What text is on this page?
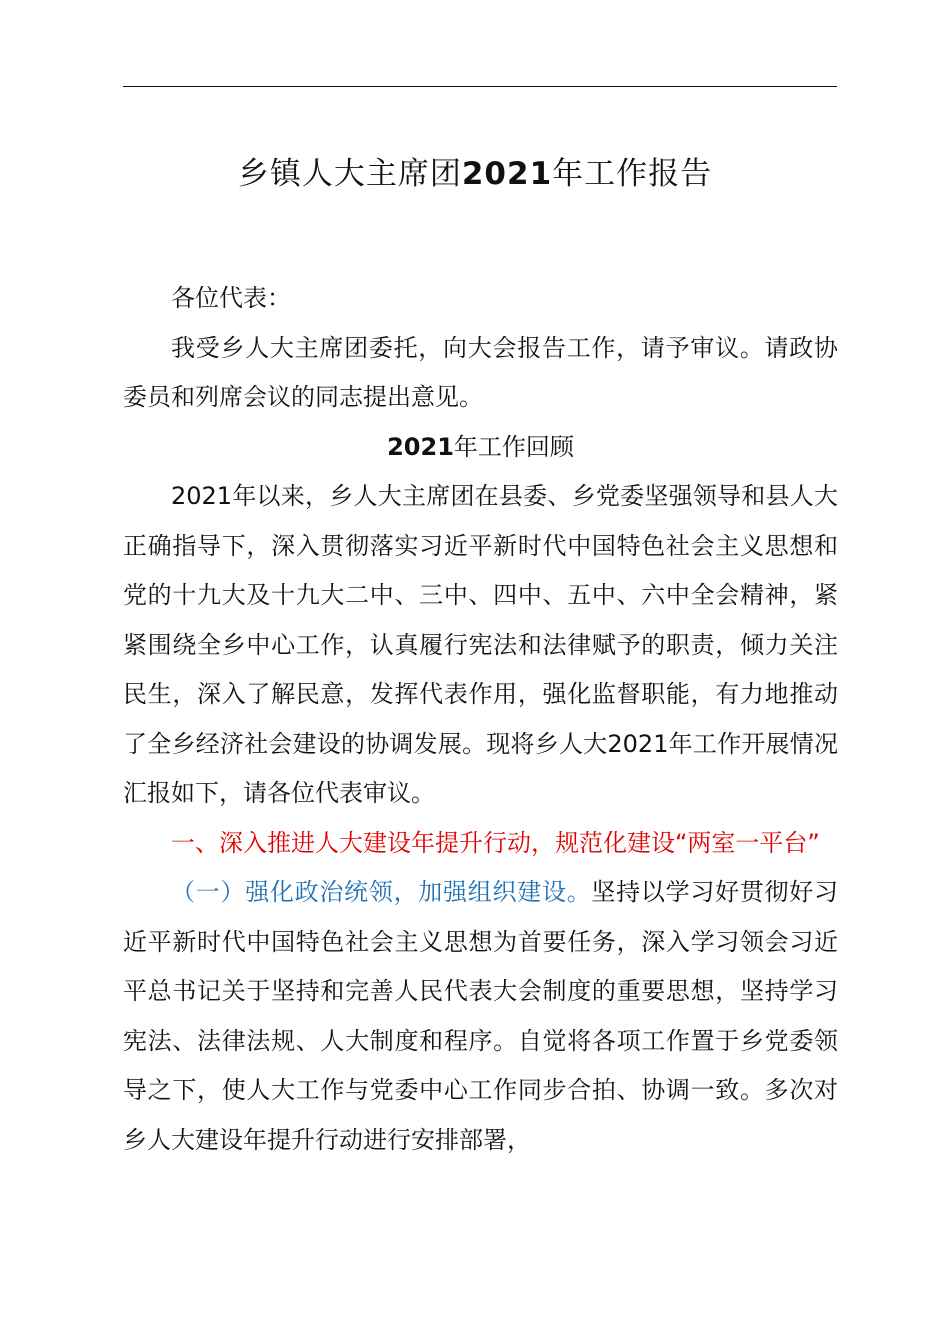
乡镇人大主席团2021年工作报告

各位代表：

我受乡人大主席团委托，向大会报告工作，请予审议。请政协委员和列席会议的同志提出意见。

2021年工作回顾

2021年以来，乡人大主席团在县委、乡党委坚强领导和县人大正确指导下，深入贯彻落实习近平新时代中国特色社会主义思想和党的十九大及十九大二中、三中、四中、五中、六中全会精神，紧紧围绕全乡中心工作，认真履行宪法和法律赋予的职责，倾力关注民生，深入了解民意，发挥代表作用，强化监督职能，有力地推动了全乡经济社会建设的协调发展。现将乡人大2021年工作开展情况汇报如下，请各位代表审议。

一、深入推进人大建设年提升行动，规范化建设“两室一平台”

（一）强化政治统领，加强组织建设。坚持以学习好贯彻好习近平新时代中国特色社会主义思想为首要任务，深入学习领会习近平总书记关于坚持和完善人民代表大会制度的重要思想，坚持学习宪法、法律法规、人大制度和程序。自觉将各项工作置于乡党委领导之下，使人大工作与党委中心工作同步合拍、协调一致。多次对乡人大建设年提升行动进行安排部署，
